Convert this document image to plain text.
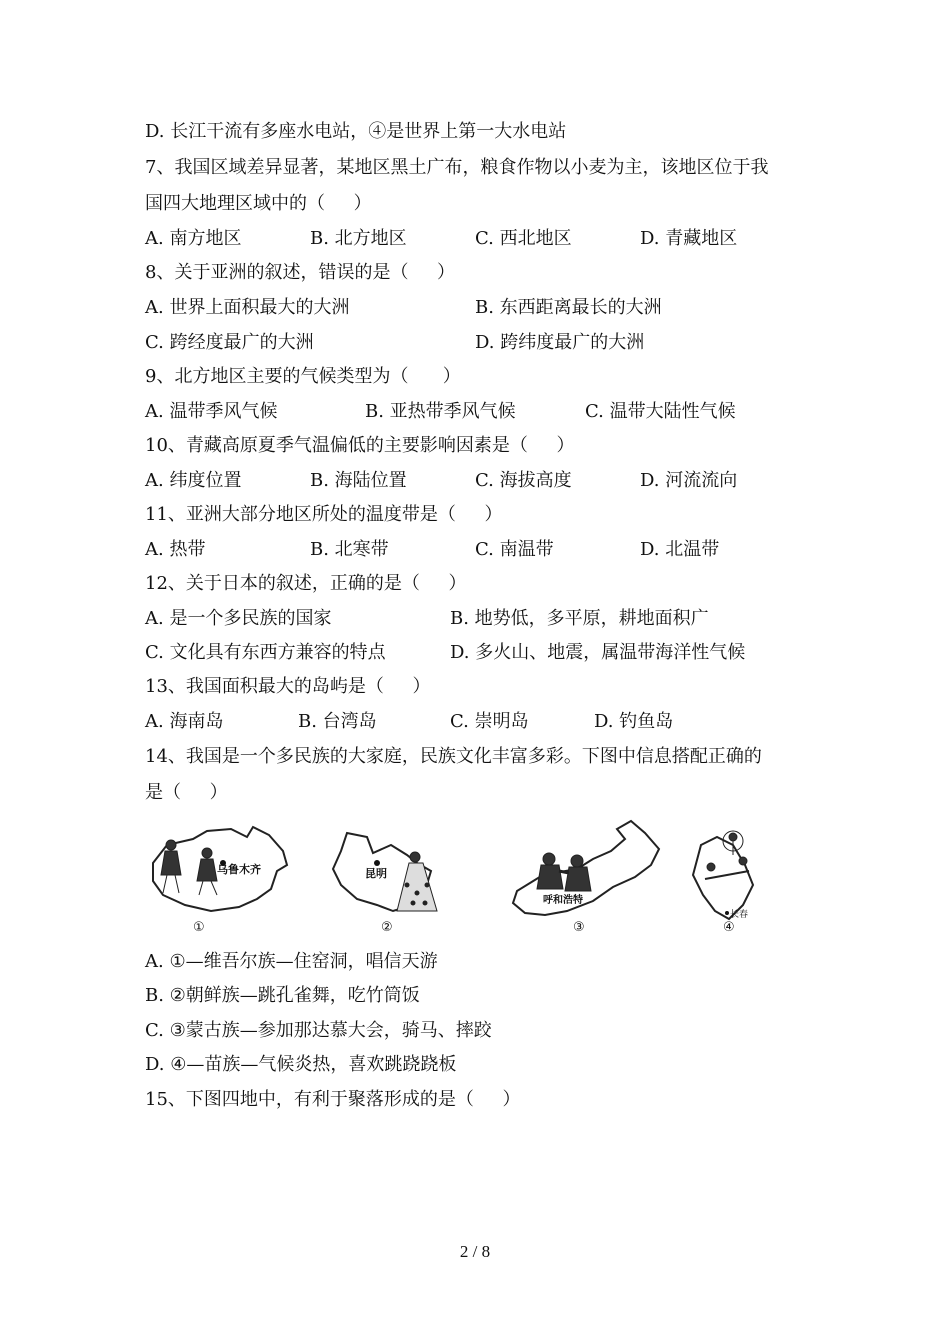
D. 长江干流有多座水电站，④是世界上第一大水电站
7、我国区域差异显著，某地区黑土广布，粮食作物以小麦为主，该地区位于我
国四大地理区域中的（     ）
A. 南方地区	B. 北方地区	C. 西北地区	D. 青藏地区
8、关于亚洲的叙述，错误的是（     ）
A. 世界上面积最大的大洲	B. 东西距离最长的大洲
C. 跨经度最广的大洲	D. 跨纬度最广的大洲
9、北方地区主要的气候类型为（      ）
A. 温带季风气候	B. 亚热带季风气候	C. 温带大陆性气候
10、青藏高原夏季气温偏低的主要影响因素是（     ）
A. 纬度位置	B. 海陆位置	C. 海拔高度	D. 河流流向
11、亚洲大部分地区所处的温度带是（     ）
A. 热带	B. 北寒带	C. 南温带	D. 北温带
12、关于日本的叙述，正确的是（     ）
A. 是一个多民族的国家	B. 地势低，多平原，耕地面积广
C. 文化具有东西方兼容的特点	D. 多火山、地震，属温带海洋性气候
13、我国面积最大的岛屿是（     ）
A. 海南岛	B. 台湾岛	C. 崇明岛	D. 钓鱼岛
14、我国是一个多民族的大家庭，民族文化丰富多彩。下图中信息搭配正确的
是（     ）
乌鲁木齐
①
昆明
②
呼和浩特
③
长春
④
A. ①—维吾尔族—住窑洞，唱信天游
B. ②朝鲜族—跳孔雀舞，吃竹筒饭
C. ③蒙古族—参加那达慕大会，骑马、摔跤
D. ④—苗族—气候炎热，喜欢跳跷跷板
15、下图四地中，有利于聚落形成的是（     ）
2 / 8
